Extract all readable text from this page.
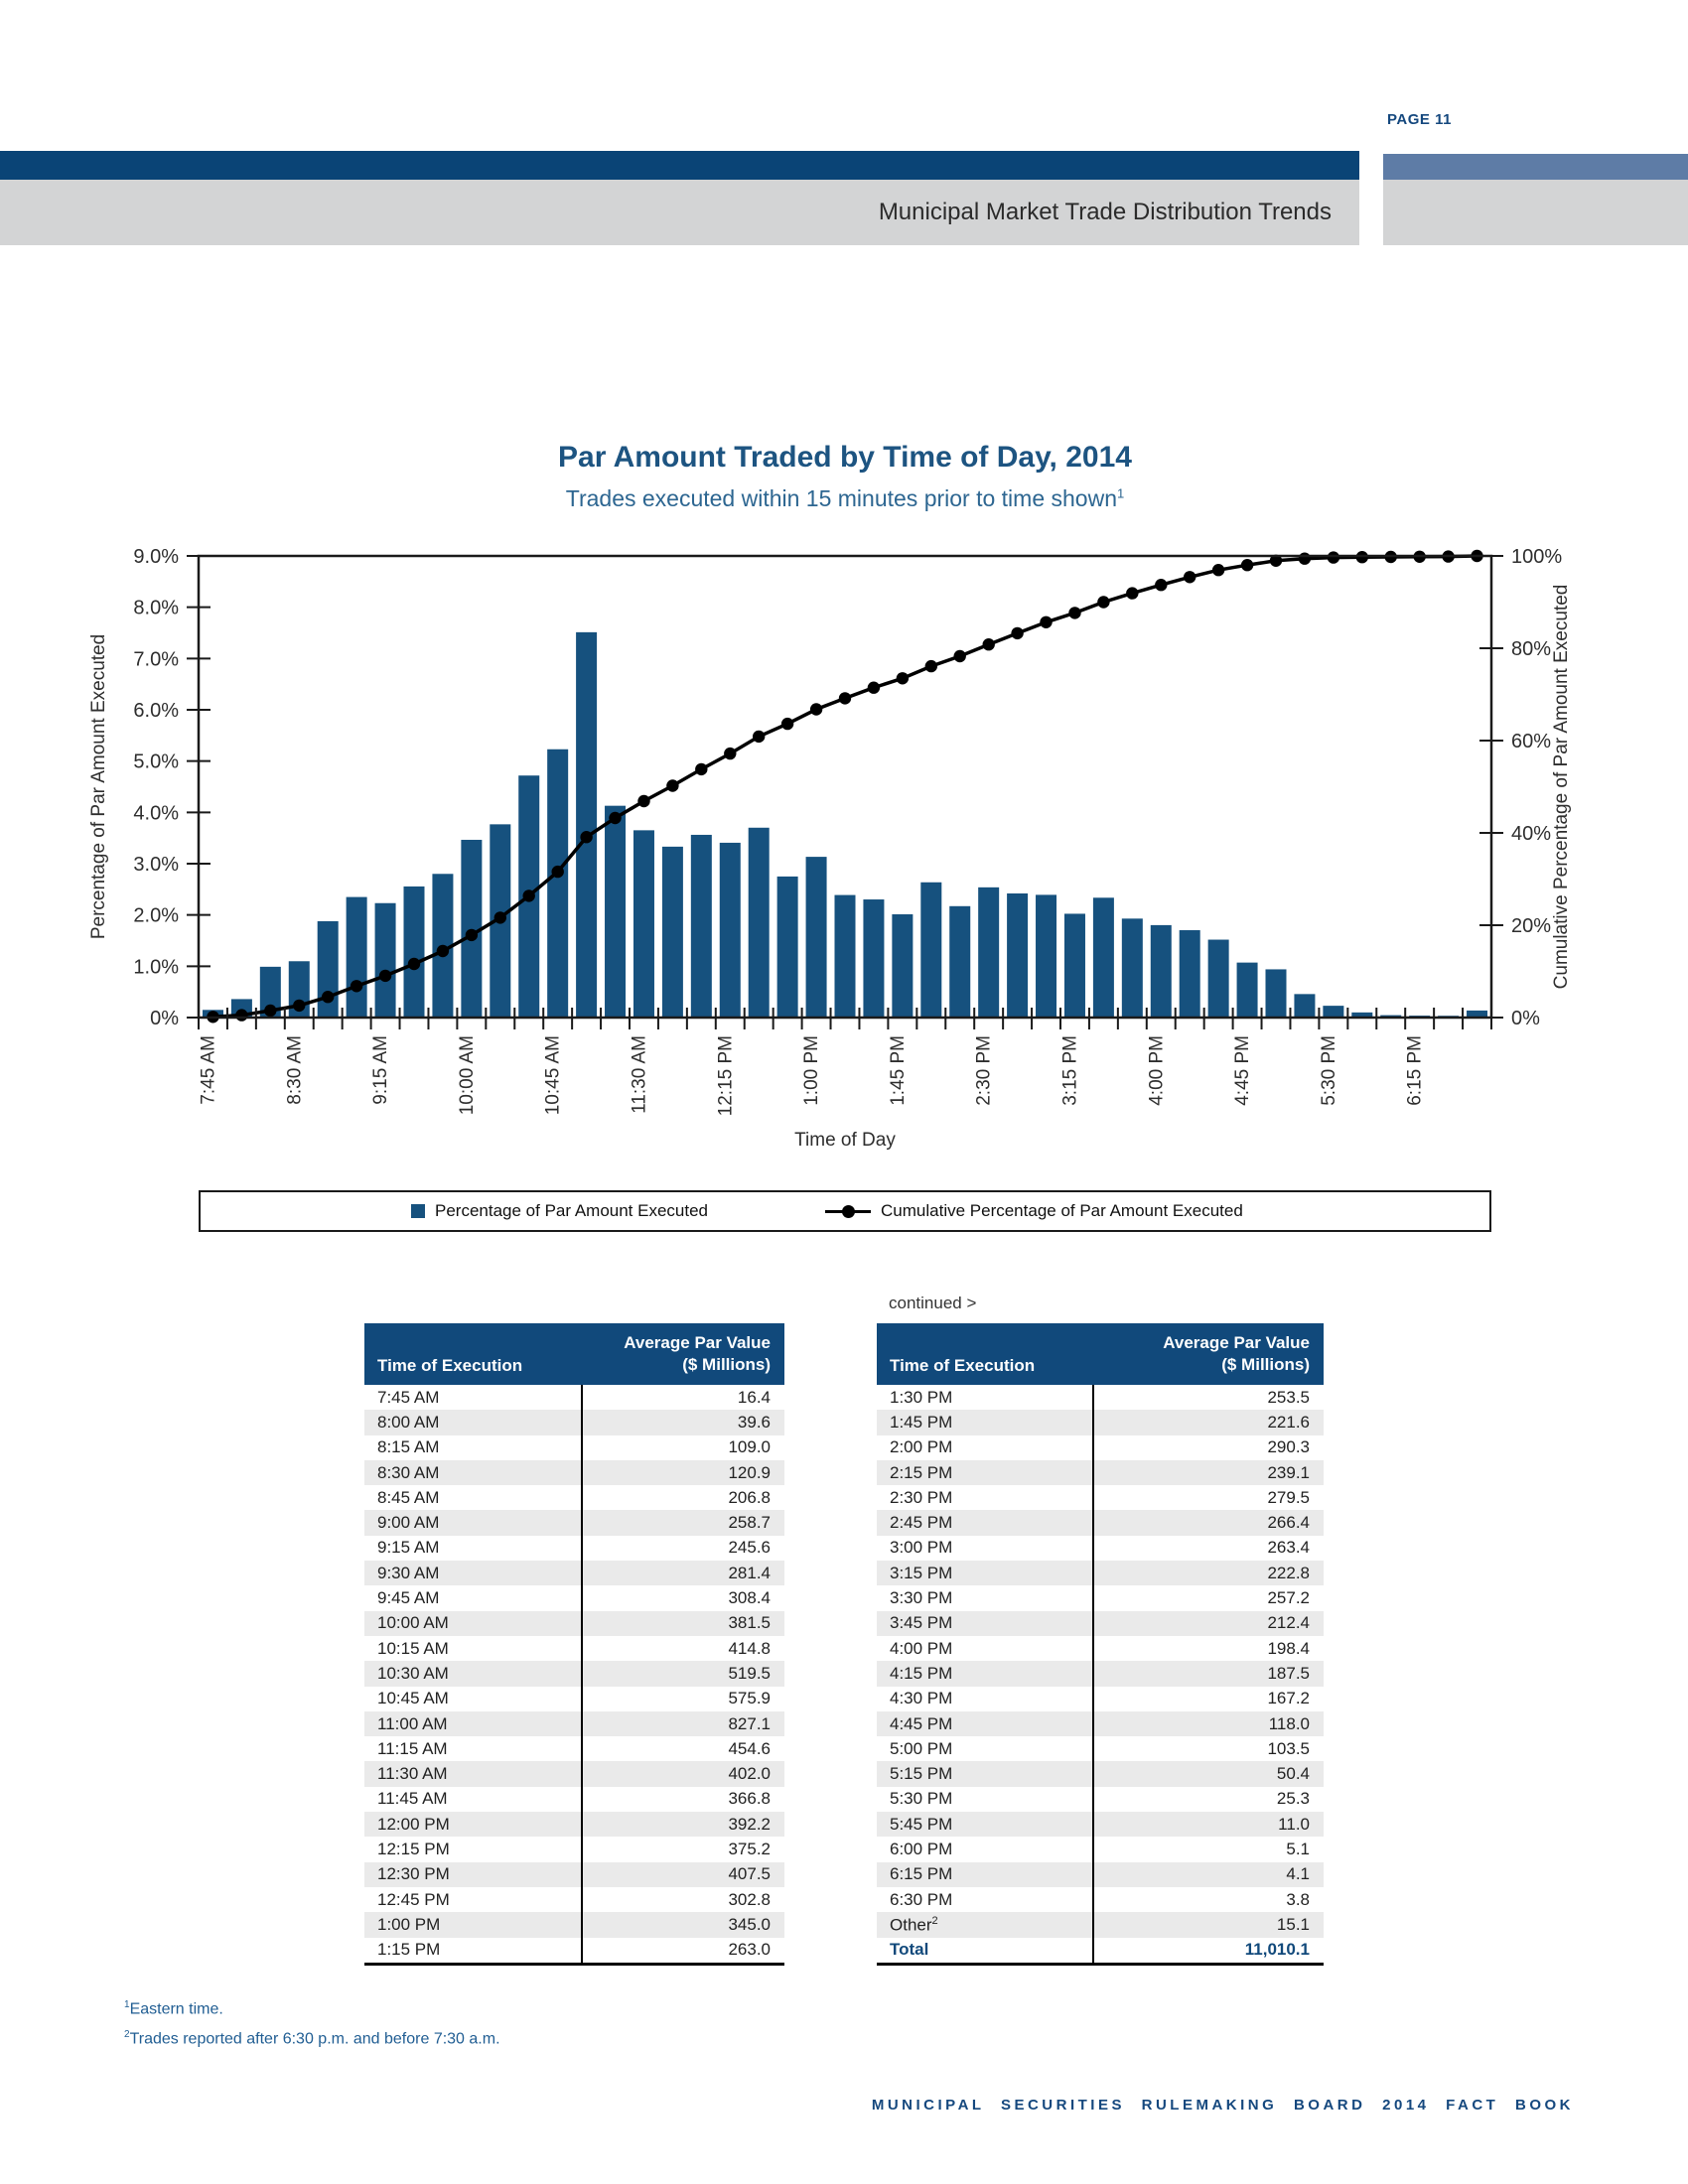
PAGE 11
Municipal Market Trade Distribution Trends
Par Amount Traded by Time of Day, 2014
Trades executed within 15 minutes prior to time shown$^1$
0%
1.0%
2.0%
3.0%
4.0%
5.0%
6.0%
7.0%
8.0%
9.0%
0%
20%
40%
60%
80%
100%
7:45 AM	8:30 AM	9:15 AM	10:00 AM	10:45 AM	11:30 AM	12:15 PM	1:00 PM	1:45 PM	2:30 PM	3:15 PM	4:00 PM	4:45 PM	5:30 PM	6:15 PM
Percentage of Par Amount Executed	Cumulative Percentage of Par Amount Executed
Time of Day
Percentage of Par Amount Executed	Cumulative Percentage of Par Amount Executed
continued >
Time of Execution
Average Par Value
($ Millions)
7:45 AM	16.4
8:00 AM	39.6
8:15 AM	109.0
8:30 AM	120.9
8:45 AM	206.8
9:00 AM	258.7
9:15 AM	245.6
9:30 AM	281.4
9:45 AM	308.4
10:00 AM	381.5
10:15 AM	414.8
10:30 AM	519.5
10:45 AM	575.9
11:00 AM	827.1
11:15 AM	454.6
11:30 AM	402.0
11:45 AM	366.8
12:00 PM	392.2
12:15 PM	375.2
12:30 PM	407.5
12:45 PM	302.8
1:00 PM	345.0
1:15 PM	263.0
Time of Execution
Average Par Value
($ Millions)
1:30 PM	253.5
1:45 PM	221.6
2:00 PM	290.3
2:15 PM	239.1
2:30 PM	279.5
2:45 PM	266.4
3:00 PM	263.4
3:15 PM	222.8
3:30 PM	257.2
3:45 PM	212.4
4:00 PM	198.4
4:15 PM	187.5
4:30 PM	167.2
4:45 PM	118.0
5:00 PM	103.5
5:15 PM	50.4
5:30 PM	25.3
5:45 PM	11.0
6:00 PM	5.1
6:15 PM	4.1
6:30 PM	3.8
Other$^2$	15.1
Total	11,010.1
$^1$Eastern time.
$^2$Trades reported after 6:30 p.m. and before 7:30 a.m.
MUNICIPAL SECURITIES RULEMAKING BOARD 2014 FACT BOOK
